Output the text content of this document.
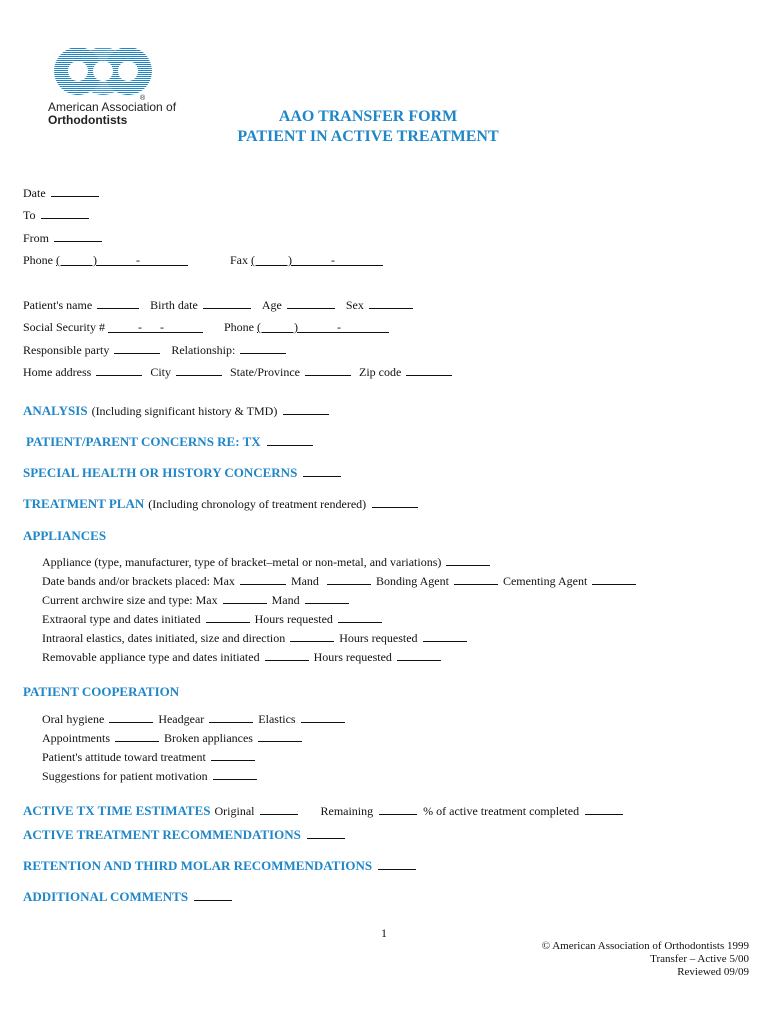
®
American Association of
Orthodontists	AAO TRANSFER FORM
PATIENT IN ACTIVE TREATMENT
Date
To
From
Phone (           )             -	Fax (           )             -
Patient's name	Birth date	Age	Sex
Social Security #           -      -                    Phone (           )             -
Responsible party	Relationship:
Home address	City	State/Province	Zip code
ANALYSIS (Including significant history & TMD)
PATIENT/PARENT CONCERNS RE: TX
SPECIAL HEALTH OR HISTORY CONCERNS
TREATMENT PLAN (Including chronology of treatment rendered)
APPLIANCES
Appliance (type, manufacturer, type of bracket–metal or non-metal, and variations)
Date bands and/or brackets placed: Max	Mand	Bonding Agent	Cementing Agent
Current archwire size and type: Max	Mand
Extraoral type and dates initiated	Hours requested
Intraoral elastics, dates initiated, size and direction	Hours requested
Removable appliance type and dates initiated	Hours requested
PATIENT COOPERATION
Oral hygiene	Headgear	Elastics
Appointments	Broken appliances
Patient's attitude toward treatment
Suggestions for patient motivation
ACTIVE TX TIME ESTIMATES Original	Remaining	% of active treatment completed
ACTIVE TREATMENT RECOMMENDATIONS
RETENTION AND THIRD MOLAR RECOMMENDATIONS
ADDITIONAL COMMENTS
1
© American Association of Orthodontists 1999
Transfer – Active 5/00
Reviewed 09/09
